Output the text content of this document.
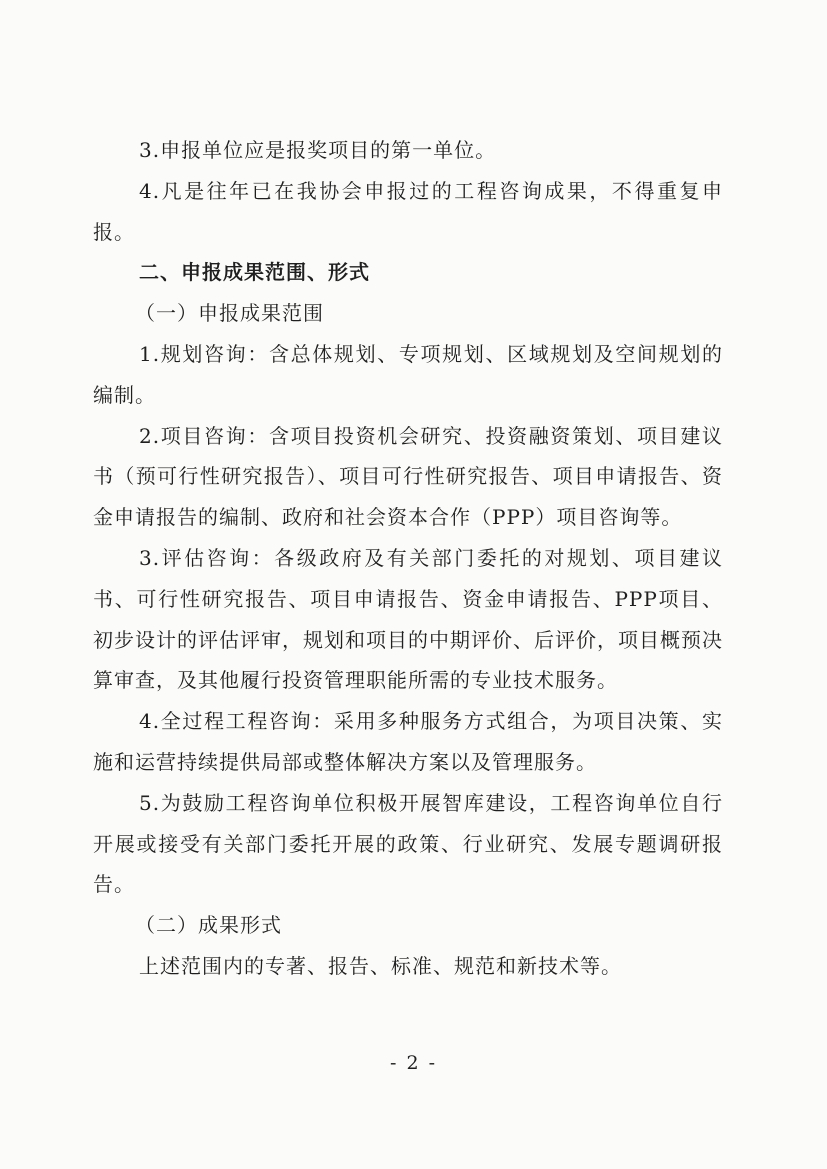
3.申报单位应是报奖项目的第一单位。

4.凡是往年已在我协会申报过的工程咨询成果，不得重复申报。

二、申报成果范围、形式

（一）申报成果范围

1.规划咨询：含总体规划、专项规划、区域规划及空间规划的编制。

2.项目咨询：含项目投资机会研究、投资融资策划、项目建议书（预可行性研究报告）、项目可行性研究报告、项目申请报告、资金申请报告的编制、政府和社会资本合作（PPP）项目咨询等。

3.评估咨询：各级政府及有关部门委托的对规划、项目建议书、可行性研究报告、项目申请报告、资金申请报告、PPP项目、初步设计的评估评审，规划和项目的中期评价、后评价，项目概预决算审查，及其他履行投资管理职能所需的专业技术服务。

4.全过程工程咨询：采用多种服务方式组合，为项目决策、实施和运营持续提供局部或整体解决方案以及管理服务。

5.为鼓励工程咨询单位积极开展智库建设，工程咨询单位自行开展或接受有关部门委托开展的政策、行业研究、发展专题调研报告。

（二）成果形式

上述范围内的专著、报告、标准、规范和新技术等。

- 2 -
